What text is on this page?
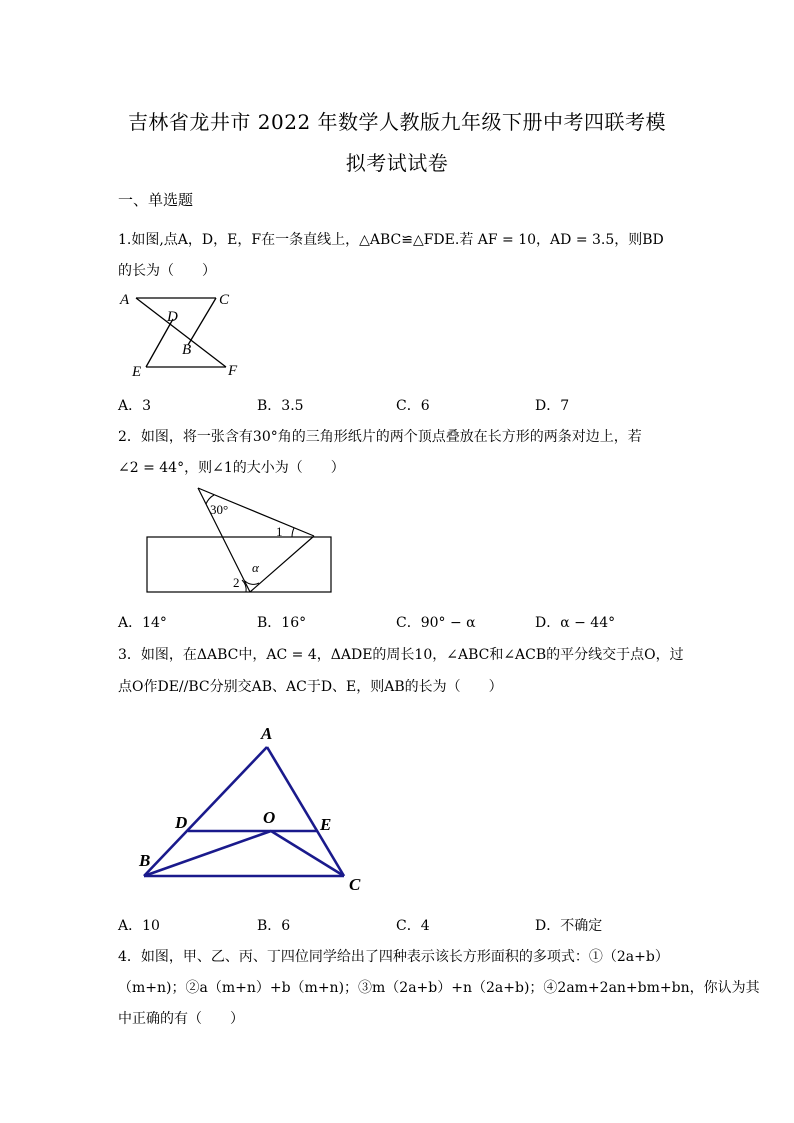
吉林省龙井市 2022 年数学人教版九年级下册中考四联考模
拟考试试卷
一、单选题
1.如图,点A，D，E，F在一条直线上，△ABC≌△FDE.若 AF = 10，AD = 3.5，则BD
的长为（　　）
A	C
D
B
E	F
A．3	B．3.5	C．6	D．7
2．如图，将一张含有30°角的三角形纸片的两个顶点叠放在长方形的两条对边上，若
∠2 = 44°，则∠1的大小为（　　）
30°
1
2
α
A．14°	B．16°	C．90° − α	D．α − 44°
3．如图，在ΔABC中，AC = 4，ΔADE的周长10，∠ABC和∠ACB的平分线交于点O，过
点O作DE//BC分别交AB、AC于D、E，则AB的长为（　　）
A
D	O	E
B
C
A．10	B．6	C．4	D．不确定
4．如图，甲、乙、丙、丁四位同学给出了四种表示该长方形面积的多项式：①（2a+b）
（m+n)；②a（m+n）+b（m+n)；③m（2a+b）+n（2a+b)；④2am+2an+bm+bn，你认为其
中正确的有（　　）
